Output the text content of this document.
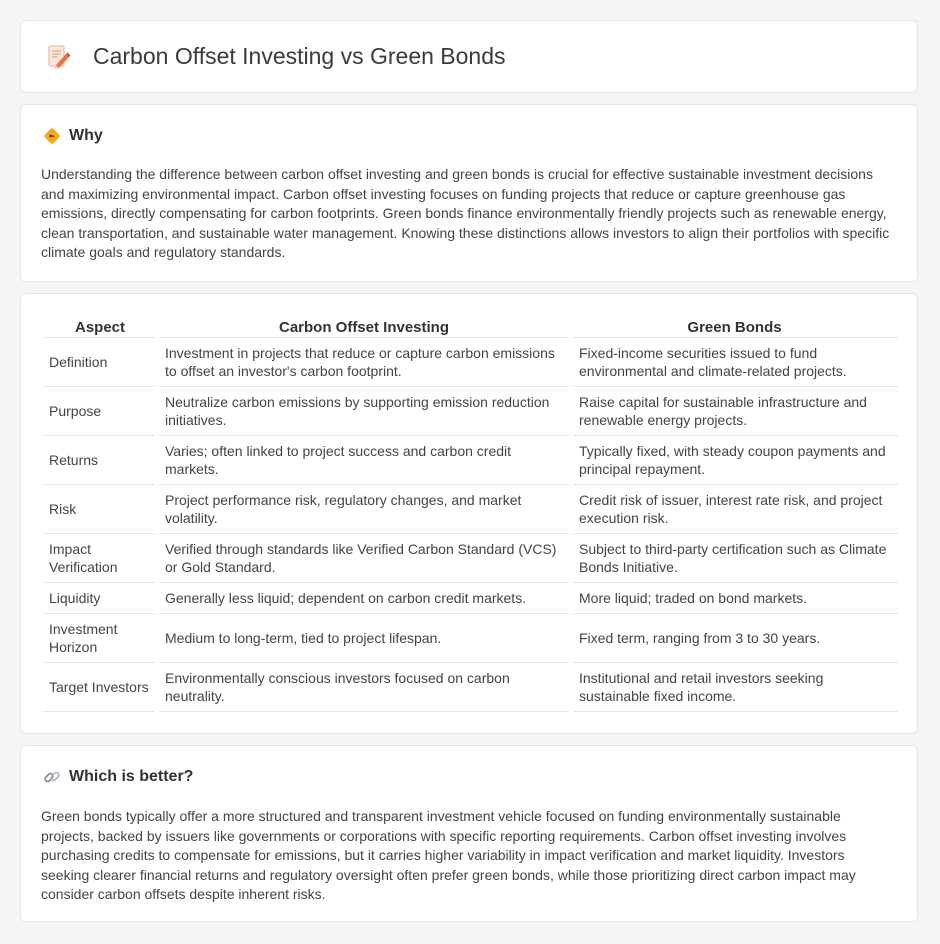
Carbon Offset Investing vs Green Bonds
Why

Understanding the difference between carbon offset investing and green bonds is crucial for effective sustainable investment decisions and maximizing environmental impact. Carbon offset investing focuses on funding projects that reduce or capture greenhouse gas emissions, directly compensating for carbon footprints. Green bonds finance environmentally friendly projects such as renewable energy, clean transportation, and sustainable water management. Knowing these distinctions allows investors to align their portfolios with specific climate goals and regulatory standards.

Aspect	Carbon Offset Investing	Green Bonds
Definition	Investment in projects that reduce or capture carbon emissions to offset an investor's carbon footprint.	Fixed-income securities issued to fund environmental and climate-related projects.
Purpose	Neutralize carbon emissions by supporting emission reduction initiatives.	Raise capital for sustainable infrastructure and renewable energy projects.
Returns	Varies; often linked to project success and carbon credit markets.	Typically fixed, with steady coupon payments and principal repayment.
Risk	Project performance risk, regulatory changes, and market volatility.	Credit risk of issuer, interest rate risk, and project execution risk.
Impact Verification	Verified through standards like Verified Carbon Standard (VCS) or Gold Standard.	Subject to third-party certification such as Climate Bonds Initiative.
Liquidity	Generally less liquid; dependent on carbon credit markets.	More liquid; traded on bond markets.
Investment Horizon	Medium to long-term, tied to project lifespan.	Fixed term, ranging from 3 to 30 years.
Target Investors	Environmentally conscious investors focused on carbon neutrality.	Institutional and retail investors seeking sustainable fixed income.
Which is better?

Green bonds typically offer a more structured and transparent investment vehicle focused on funding environmentally sustainable projects, backed by issuers like governments or corporations with specific reporting requirements. Carbon offset investing involves purchasing credits to compensate for emissions, but it carries higher variability in impact verification and market liquidity. Investors seeking clearer financial returns and regulatory oversight often prefer green bonds, while those prioritizing direct carbon impact may consider carbon offsets despite inherent risks.
